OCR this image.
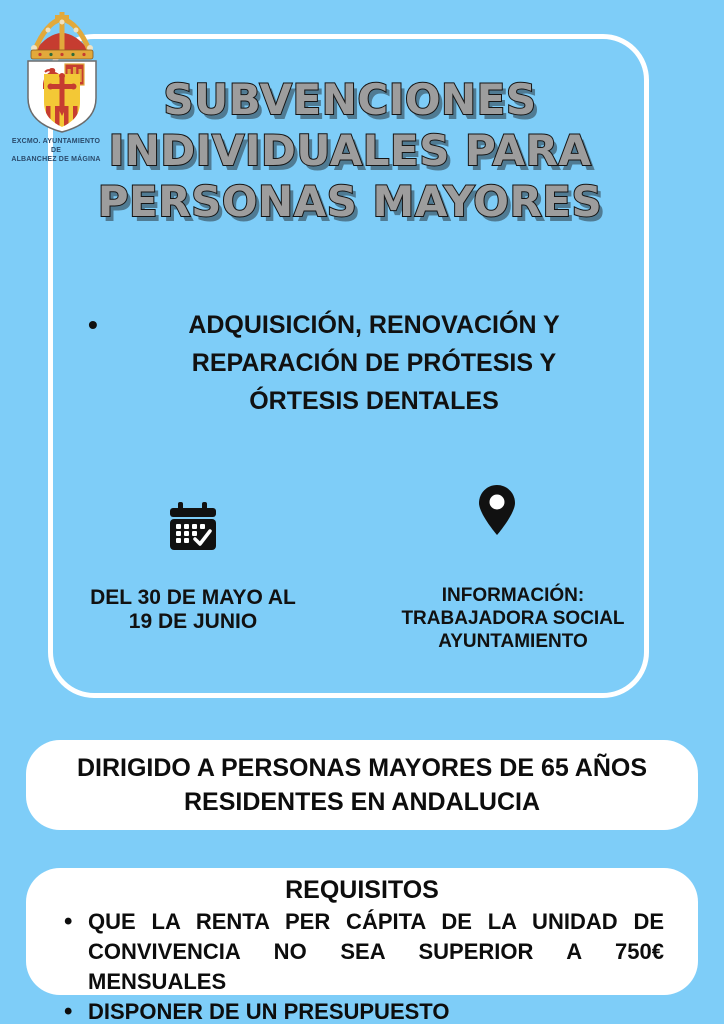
EXCMO. AYUNTAMIENTO DE
ALBANCHEZ DE MÁGINA
SUBVENCIONES
INDIVIDUALES PARA
PERSONAS MAYORES
•	ADQUISICIÓN, RENOVACIÓN Y REPARACIÓN DE PRÓTESIS Y ÓRTESIS DENTALES
DEL 30 DE MAYO AL
19 DE JUNIO
INFORMACIÓN:
TRABAJADORA SOCIAL
AYUNTAMIENTO
DIRIGIDO A PERSONAS MAYORES DE 65 AÑOS
RESIDENTES EN ANDALUCIA
REQUISITOS
• QUE LA RENTA PER CÁPITA DE LA UNIDAD DE CONVIVENCIA NO SEA SUPERIOR A 750€ MENSUALES
• DISPONER DE UN PRESUPUESTO
